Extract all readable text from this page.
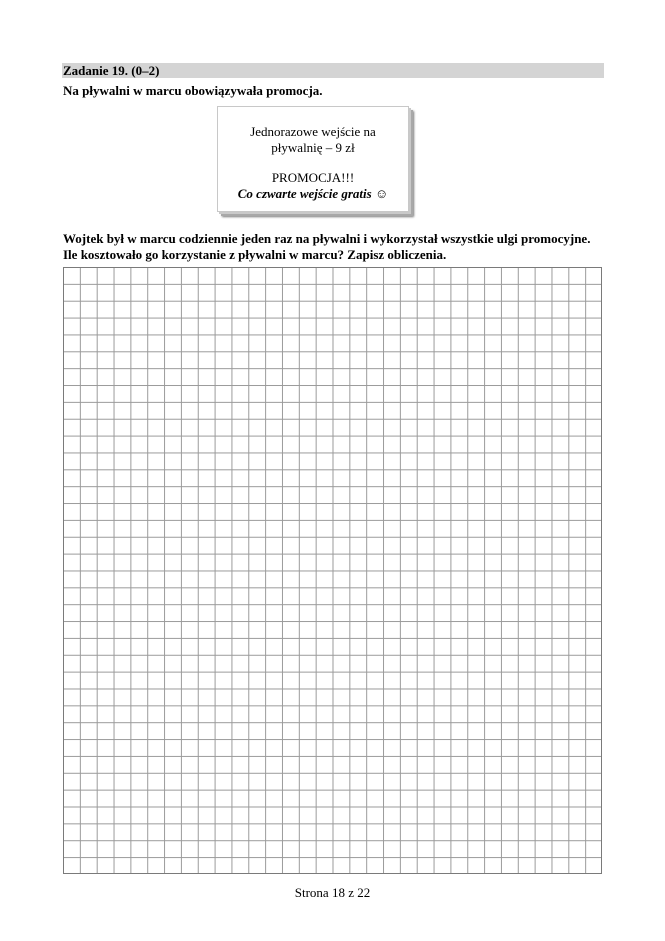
Zadanie 19. (0–2)
Na pływalni w marcu obowiązywała promocja.
Jednorazowe wejście na
pływalnię – 9 zł
PROMOCJA!!!
Co czwarte wejście gratis ☺
Wojtek był w marcu codziennie jeden raz na pływalni i wykorzystał wszystkie ulgi promocyjne.
Ile kosztowało go korzystanie z pływalni w marcu? Zapisz obliczenia.
Strona 18 z 22
